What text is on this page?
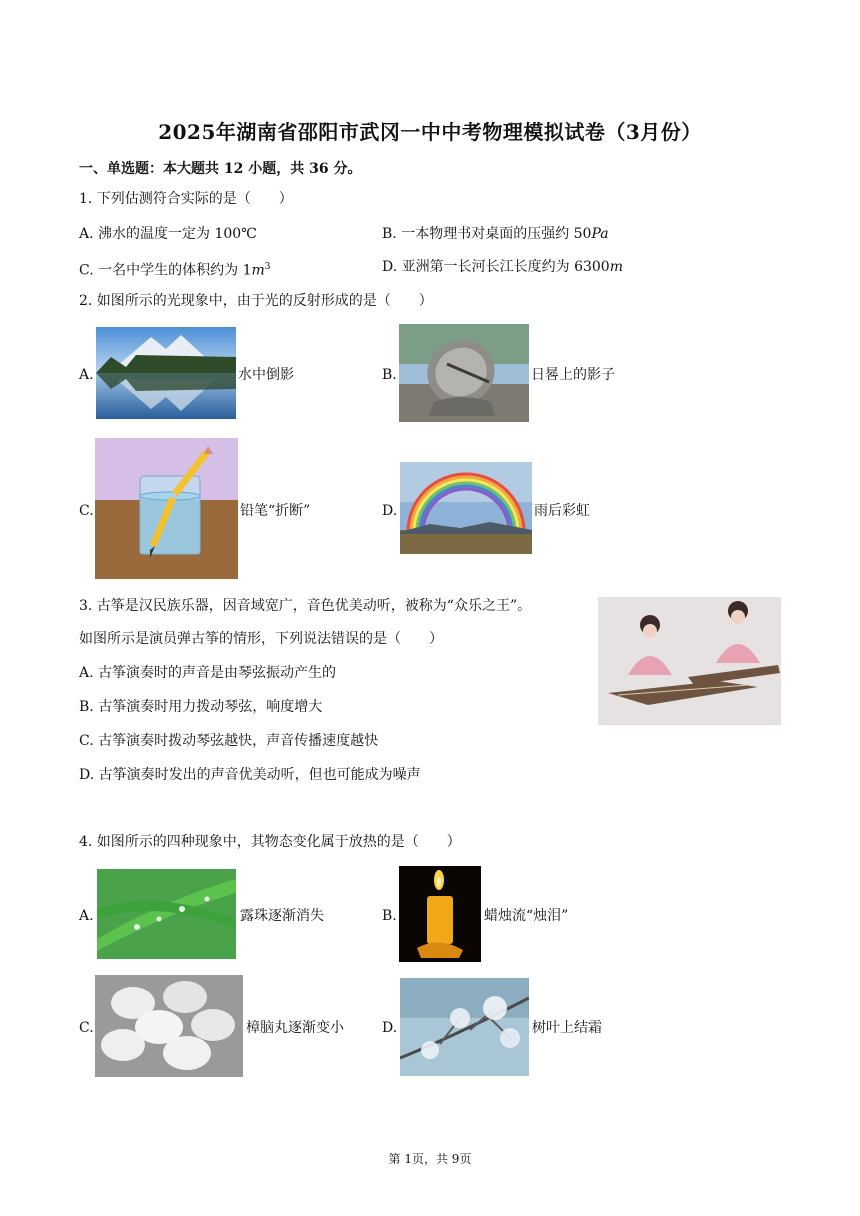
2025年湖南省邵阳市武冈一中中考物理模拟试卷（3月份）
一、单选题：本大题共 12 小题，共 36 分。
1. 下列估测符合实际的是（　　）
A. 沸水的温度一定为 100℃	B. 一本物理书对桌面的压强约 50Pa
C. 一名中学生的体积约为 $1m^3$	D. 亚洲第一长河长江长度约为 6300m
2. 如图所示的光现象中，由于光的反射形成的是（　　）
A.	水中倒影	B.	日晷上的影子
C.	铅笔“折断”	D.	雨后彩虹
3. 古筝是汉民族乐器，因音域宽广，音色优美动听，被称为“众乐之王”。
如图所示是演员弹古筝的情形，下列说法错误的是（　　）
A. 古筝演奏时的声音是由琴弦振动产生的
B. 古筝演奏时用力拨动琴弦，响度增大
C. 古筝演奏时拨动琴弦越快，声音传播速度越快
D. 古筝演奏时发出的声音优美动听，但也可能成为噪声
4. 如图所示的四种现象中，其物态变化属于放热的是（　　）
A.	露珠逐渐消失	B.	蜡烛流“烛泪”
C.	樟脑丸逐渐变小	D.	树叶上结霜
第 1页，共 9页
